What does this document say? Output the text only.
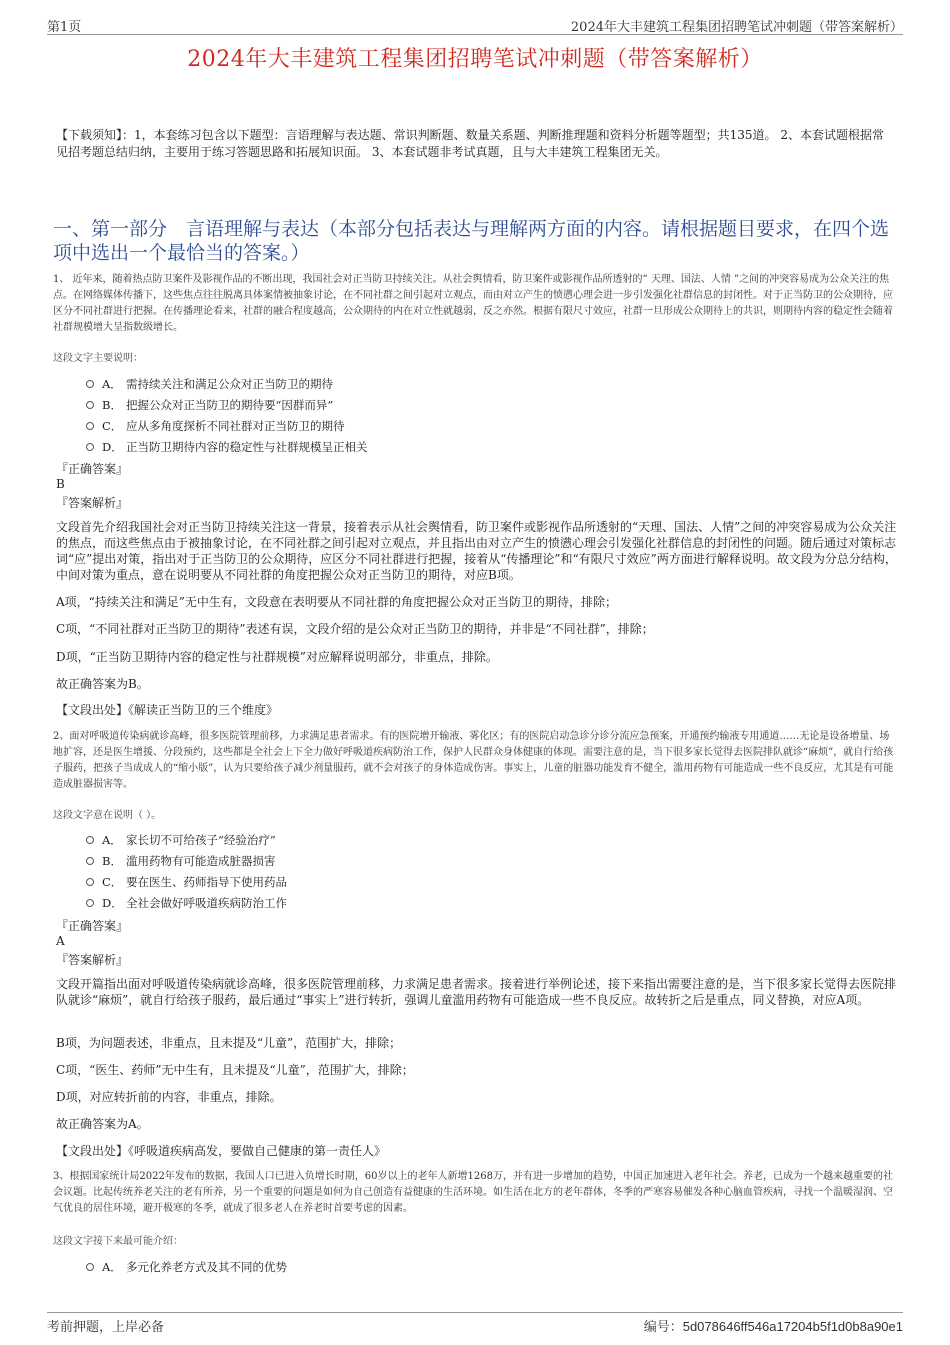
第1页	2024年大丰建筑工程集团招聘笔试冲刺题（带答案解析）
2024年大丰建筑工程集团招聘笔试冲刺题（带答案解析）
【下载须知】：1，本套练习包含以下题型：言语理解与表达题、常识判断题、数量关系题、判断推理题和资料分析题等题型；共135道。 2、本套试题根据常见招考题总结归纳，主要用于练习答题思路和拓展知识面。 3、本套试题非考试真题，且与大丰建筑工程集团无关。
一、第一部分　言语理解与表达（本部分包括表达与理解两方面的内容。请根据题目要求，在四个选项中选出一个最恰当的答案。）
1、 近年来，随着热点防卫案件及影视作品的不断出现，我国社会对正当防卫持续关注。从社会舆情看，防卫案件或影视作品所透射的“ 天理、国法、人情 ”之间的冲突容易成为公众关注的焦点。在网络媒体传播下，这些焦点往往脱离具体案情被抽象讨论，在不同社群之间引起对立观点，而由对立产生的愤懑心理会进一步引发强化社群信息的封闭性。对于正当防卫的公众期待，应区分不同社群进行把握。在传播理论看来，社群的融合程度越高，公众期待的内在对立性就越弱，反之亦然。根据有限尺寸效应，社群一旦形成公众期待上的共识，则期待内容的稳定性会随着社群规模增大呈指数级增长。
这段文字主要说明：
A． 需持续关注和满足公众对正当防卫的期待
B． 把握公众对正当防卫的期待要“因群而异”
C． 应从多角度探析不同社群对正当防卫的期待
D． 正当防卫期待内容的稳定性与社群规模呈正相关
『正确答案』
B
『答案解析』
文段首先介绍我国社会对正当防卫持续关注这一背景，接着表示从社会舆情看，防卫案件或影视作品所透射的“天理、国法、人情”之间的冲突容易成为公众关注的焦点，而这些焦点由于被抽象讨论，在不同社群之间引起对立观点，并且指出由对立产生的愤懑心理会引发强化社群信息的封闭性的问题。随后通过对策标志词“应”提出对策，指出对于正当防卫的公众期待，应区分不同社群进行把握，接着从“传播理论”和“有限尺寸效应”两方面进行解释说明。故文段为分总分结构，中间对策为重点，意在说明要从不同社群的角度把握公众对正当防卫的期待，对应B项。
A项，“持续关注和满足”无中生有，文段意在表明要从不同社群的角度把握公众对正当防卫的期待，排除；
C项，“不同社群对正当防卫的期待”表述有误，文段介绍的是公众对正当防卫的期待，并非是“不同社群”，排除；
D项，“正当防卫期待内容的稳定性与社群规模”对应解释说明部分，非重点，排除。
故正确答案为B。
【文段出处】《解读正当防卫的三个维度》
2、面对呼吸道传染病就诊高峰，很多医院管理前移，力求满足患者需求。有的医院增开输液、雾化区；有的医院启动急诊分诊分流应急预案，开通预约输液专用通道……无论是设备增量、场地扩容，还是医生增援、分段预约，这些都是全社会上下全力做好呼吸道疾病防治工作，保护人民群众身体健康的体现。需要注意的是，当下很多家长觉得去医院排队就诊“麻烦”，就自行给孩子服药，把孩子当成成人的“缩小版”，认为只要给孩子减少剂量服药，就不会对孩子的身体造成伤害。事实上，儿童的脏器功能发育不健全，滥用药物有可能造成一些不良反应，尤其是有可能造成脏器损害等。
这段文字意在说明（ ）。
A． 家长切不可给孩子“经验治疗”
B． 滥用药物有可能造成脏器损害
C． 要在医生、药师指导下使用药品
D． 全社会做好呼吸道疾病防治工作
『正确答案』
A
『答案解析』
文段开篇指出面对呼吸道传染病就诊高峰，很多医院管理前移，力求满足患者需求。接着进行举例论述，接下来指出需要注意的是，当下很多家长觉得去医院排队就诊“麻烦”，就自行给孩子服药，最后通过“事实上”进行转折，强调儿童滥用药物有可能造成一些不良反应。故转折之后是重点，同义替换，对应A项。
B项，为问题表述，非重点，且未提及“儿童”，范围扩大，排除；
C项，“医生、药师”无中生有，且未提及“儿童”，范围扩大，排除；
D项，对应转折前的内容，非重点，排除。
故正确答案为A。
【文段出处】《呼吸道疾病高发，要做自己健康的第一责任人》
3、根据国家统计局2022年发布的数据，我国人口已进入负增长时期，60岁以上的老年人新增1268万，并有进一步增加的趋势，中国正加速进入老年社会。养老，已成为一个越来越重要的社会议题。比起传统养老关注的老有所养，另一个重要的问题是如何为自己创造有益健康的生活环境。如生活在北方的老年群体，冬季的严寒容易催发各种心脑血管疾病，寻找一个温暖湿润、空气优良的居住环境，避开极寒的冬季，就成了很多老人在养老时首要考虑的因素。
这段文字接下来最可能介绍：
A． 多元化养老方式及其不同的优势
考前押题，上岸必备	编号：5d078646ff546a17204b5f1d0b8a90e1
